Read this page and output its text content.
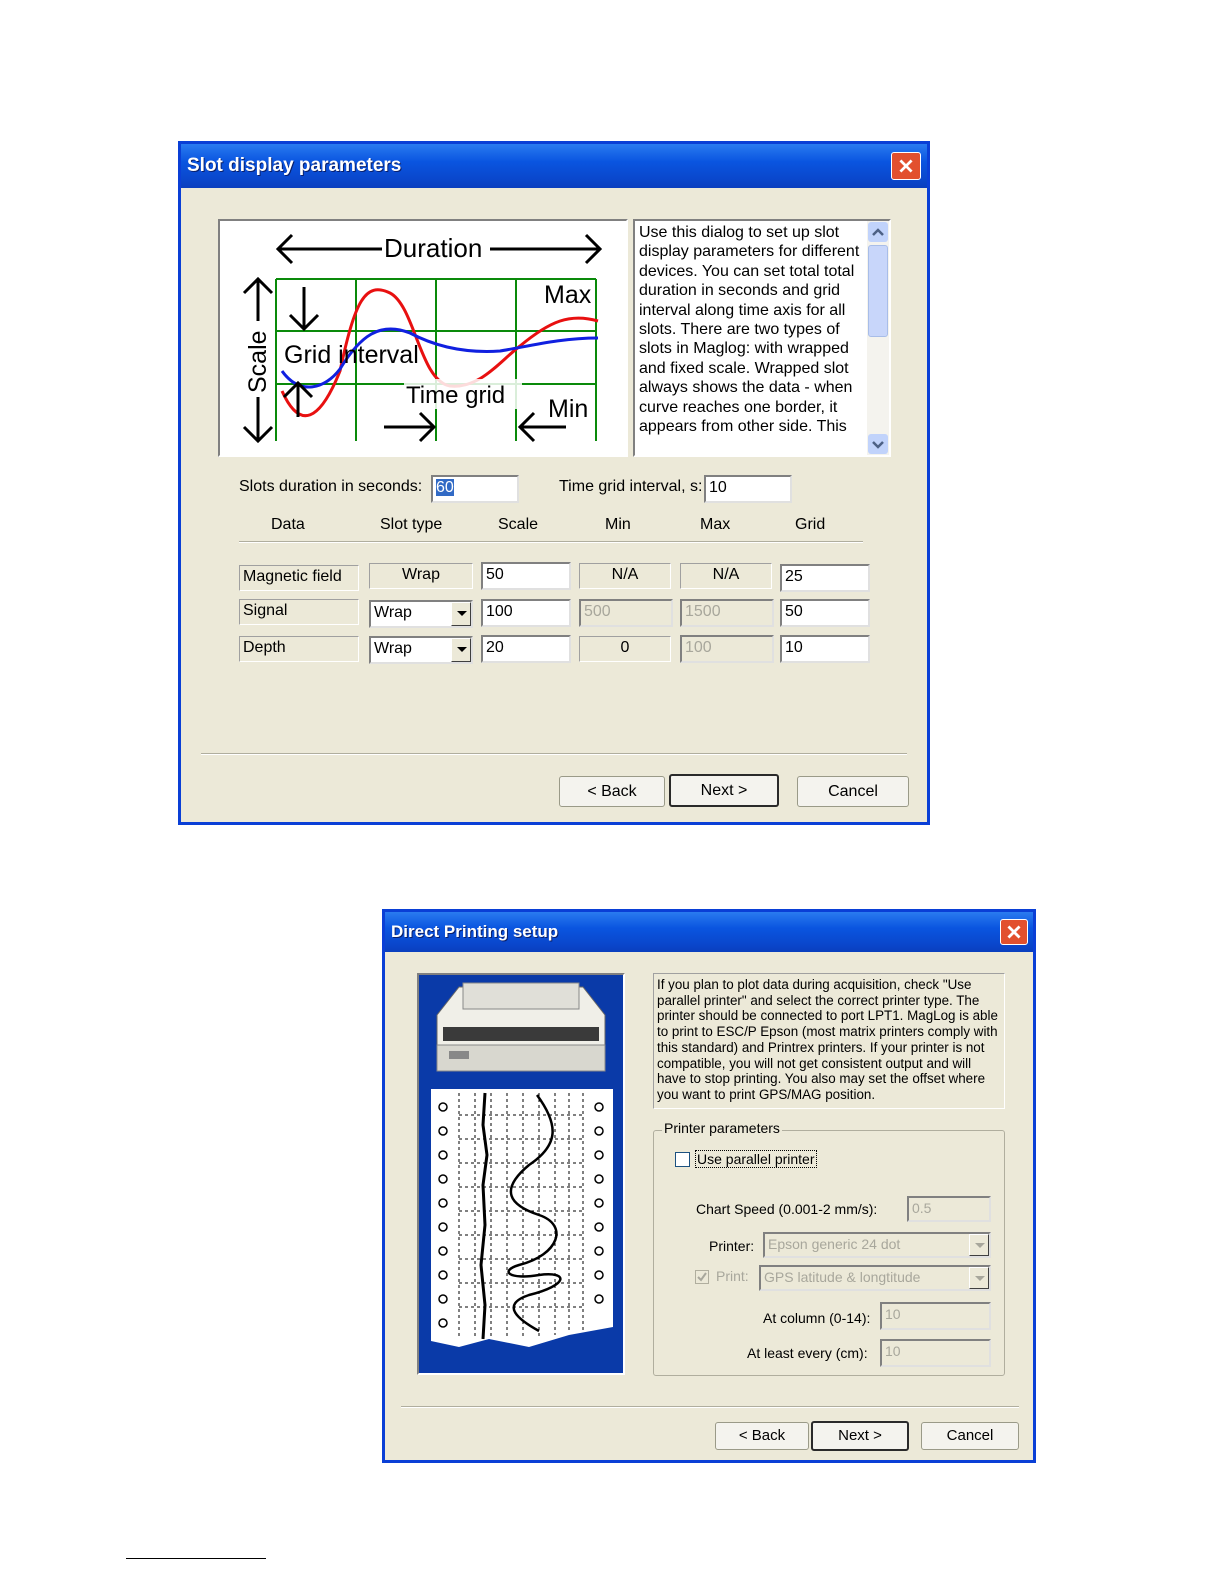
Slot display parameters
Duration
Max
Grid interval
Time grid Min
Scale
Use this dialog to set up slot display parameters for different devices. You can set total total duration in seconds and grid interval along time axis for all slots. There are two types of slots in Maglog: with wrapped and fixed scale. Wrapped slot always shows the data - when curve reaches one border, it appears from other side. This
Slots duration in seconds: 60	Time grid interval, s: 10
Data	Slot type	Scale	Min	Max	Grid
Magnetic field	Wrap	50	N/A	N/A	25
Signal	Wrap	100	500	1500	50
Depth	Wrap	20	0	100	10
< Back	Next >	Cancel
Direct Printing setup
If you plan to plot data during acquisition, check "Use parallel printer" and select the correct printer type. The printer should be connected to port LPT1. MagLog is able to print to ESC/P Epson (most matrix printers comply with this standard) and Printrex printers. If your printer is not compatible, you will not get consistent output and will have to stop printing. You also may set the offset where you want to print GPS/MAG position.
Printer parameters
Use parallel printer
Chart Speed (0.001-2 mm/s):	0.5
Printer: Epson generic 24 dot
Print:	GPS latitude & longtitude
At column (0-14):	10
At least every (cm):	10
< Back	Next >	Cancel
